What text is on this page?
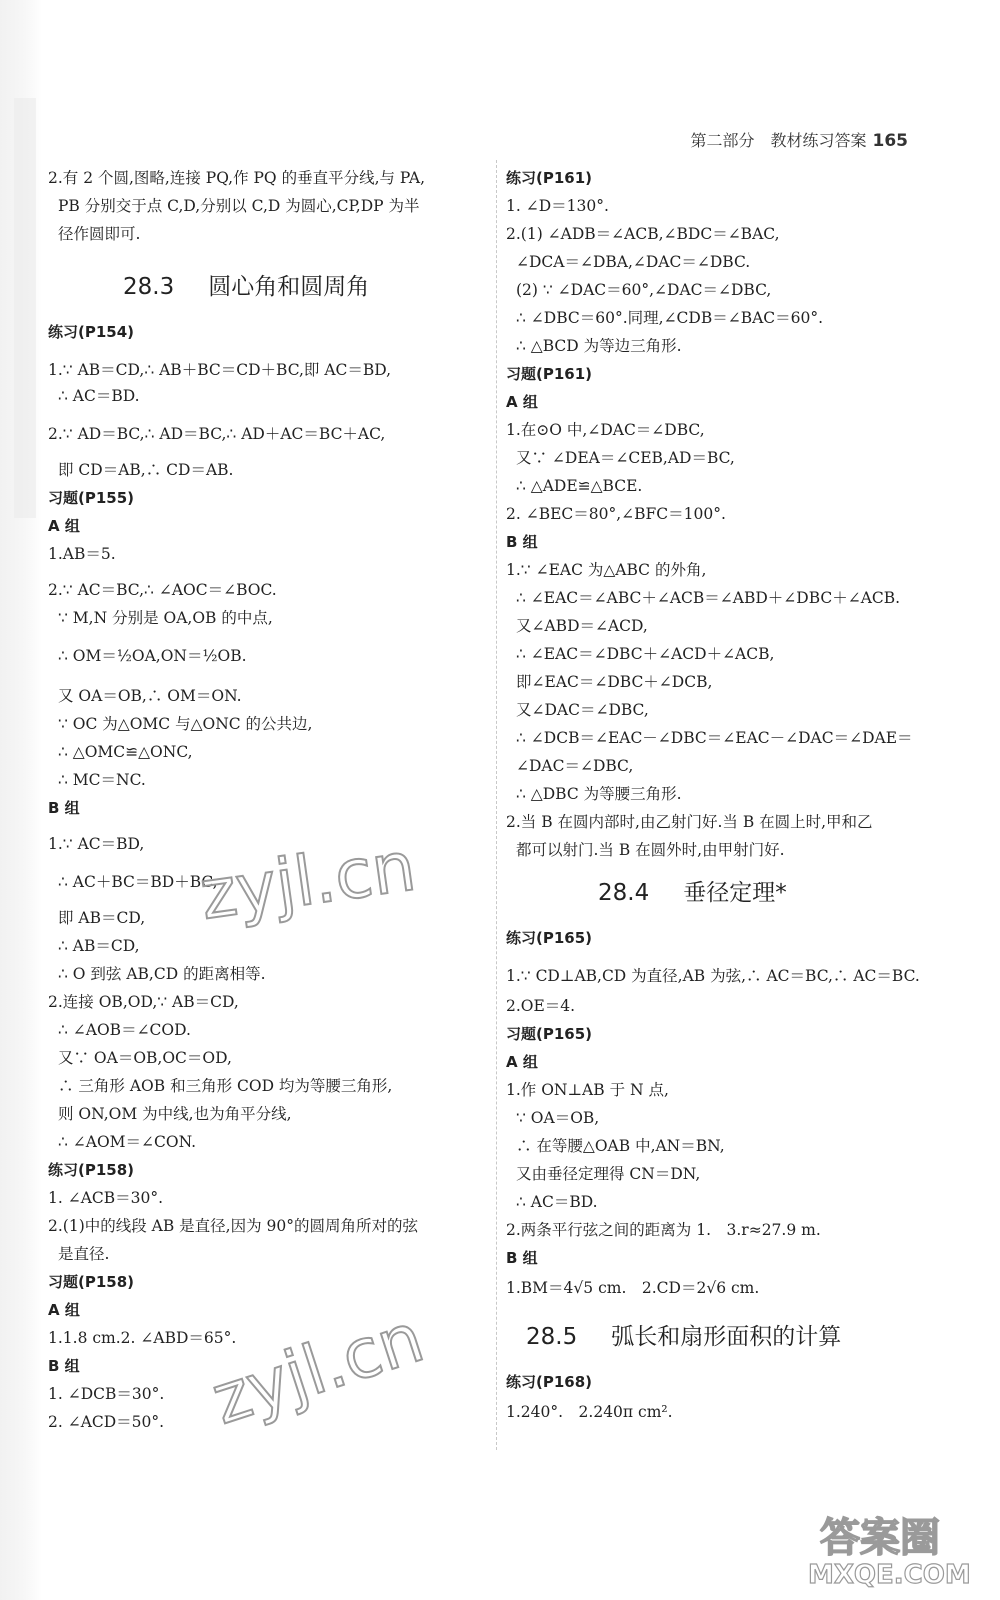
第二部分　教材练习答案 165
2.有 2 个圆,图略,连接 PQ,作 PQ 的垂直平分线,与 PA,
PB 分别交于点 C,D,分别以 C,D 为圆心,CP,DP 为半
径作圆即可.
28.3 圆心角和圆周角
练习(P154)
1.∵ AB＝CD,∴ AB＋BC＝CD＋BC,即 AC＝BD,
∴ AC＝BD.
2.∵ AD＝BC,∴ AD＝BC,∴ AD＋AC＝BC＋AC,
即 CD＝AB,∴ CD＝AB.
习题(P155)
A 组
1.AB＝5.
2.∵ AC＝BC,∴ ∠AOC＝∠BOC.
∵ M,N 分别是 OA,OB 的中点,
∴ OM＝½OA,ON＝½OB.
又 OA＝OB,∴ OM＝ON.
∵ OC 为△OMC 与△ONC 的公共边,
∴ △OMC≌△ONC,
∴ MC＝NC.
B 组
1.∵ AC＝BD,
∴ AC＋BC＝BD＋BC,
即 AB＝CD,
∴ AB＝CD,
∴ O 到弦 AB,CD 的距离相等.
2.连接 OB,OD,∵ AB＝CD,
∴ ∠AOB＝∠COD.
又∵ OA＝OB,OC＝OD,
∴ 三角形 AOB 和三角形 COD 均为等腰三角形,
则 ON,OM 为中线,也为角平分线,
∴ ∠AOM＝∠CON.
练习(P158)
1. ∠ACB＝30°.
2.(1)中的线段 AB 是直径,因为 90°的圆周角所对的弦
是直径.
习题(P158)
A 组
1.1.8 cm.2. ∠ABD＝65°.
B 组
1. ∠DCB＝30°.
2. ∠ACD＝50°.
练习(P161)
1. ∠D＝130°.
2.(1) ∠ADB＝∠ACB,∠BDC＝∠BAC,
∠DCA＝∠DBA,∠DAC＝∠DBC.
(2) ∵ ∠DAC＝60°,∠DAC＝∠DBC,
∴ ∠DBC＝60°.同理,∠CDB＝∠BAC＝60°.
∴ △BCD 为等边三角形.
习题(P161)
A 组
1.在⊙O 中,∠DAC＝∠DBC,
又∵ ∠DEA＝∠CEB,AD＝BC,
∴ △ADE≌△BCE.
2. ∠BEC＝80°,∠BFC＝100°.
B 组
1.∵ ∠EAC 为△ABC 的外角,
∴ ∠EAC＝∠ABC＋∠ACB＝∠ABD＋∠DBC＋∠ACB.
又∠ABD＝∠ACD,
∴ ∠EAC＝∠DBC＋∠ACD＋∠ACB,
即∠EAC＝∠DBC＋∠DCB,
又∠DAC＝∠DBC,
∴ ∠DCB＝∠EAC－∠DBC＝∠EAC－∠DAC＝∠DAE＝
∠DAC＝∠DBC,
∴ △DBC 为等腰三角形.
2.当 B 在圆内部时,由乙射门好.当 B 在圆上时,甲和乙
都可以射门.当 B 在圆外时,由甲射门好.
28.4 垂径定理*
练习(P165)
1.∵ CD⊥AB,CD 为直径,AB 为弦,∴ AC＝BC,∴ AC＝BC.
2.OE＝4.
习题(P165)
A 组
1.作 ON⊥AB 于 N 点,
∵ OA＝OB,
∴ 在等腰△OAB 中,AN＝BN,
又由垂径定理得 CN＝DN,
∴ AC＝BD.
2.两条平行弦之间的距离为 1.　3.r≈27.9 m.
B 组
1.BM＝4√5 cm.　2.CD＝2√6 cm.
28.5 弧长和扇形面积的计算
练习(P168)
1.240°.　2.240π cm².
zyjl.cn
zyjl.cn
答案圈
MXQE.COM
